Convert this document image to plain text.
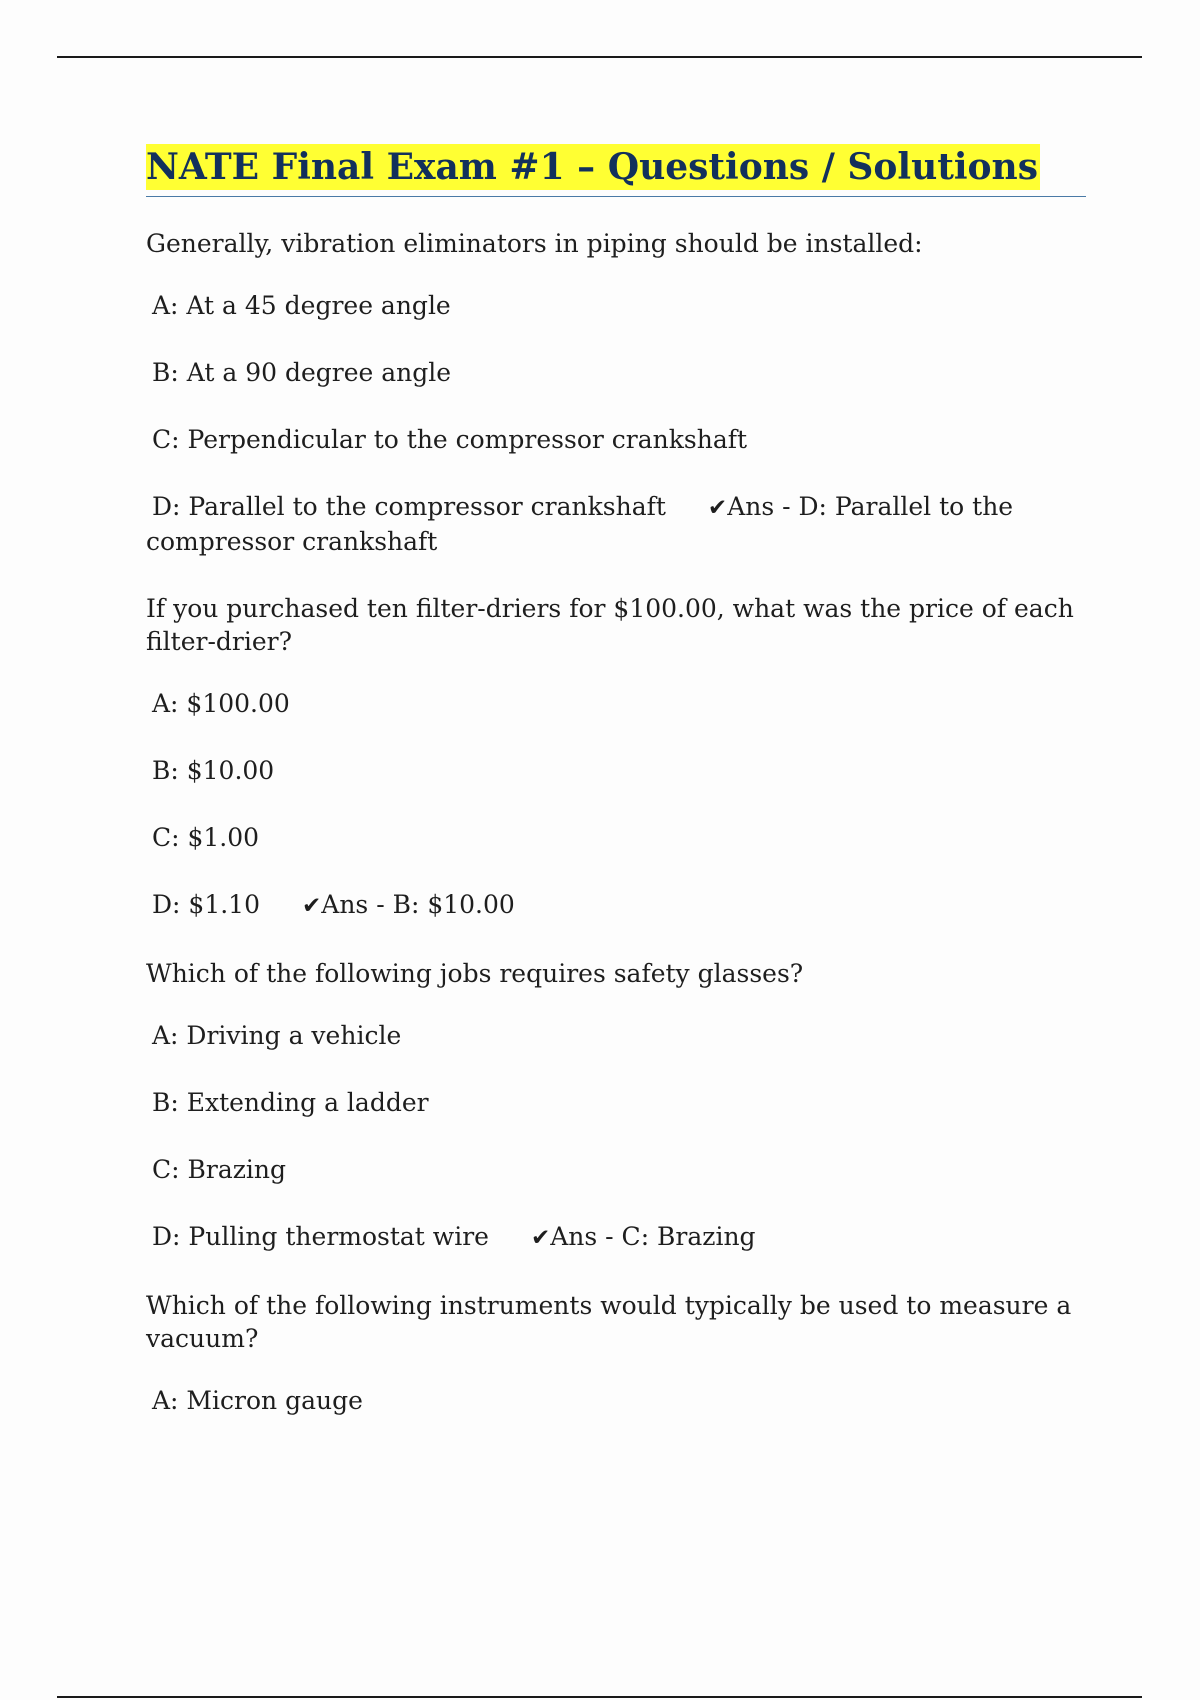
NATE Final Exam #1 – Questions / Solutions
Generally, vibration eliminators in piping should be installed:
A: At a 45 degree angle
B: At a 90 degree angle
C: Perpendicular to the compressor crankshaft
D: Parallel to the compressor crankshaft ✔Ans - D: Parallel to the
compressor crankshaft
If you purchased ten filter-driers for $100.00, what was the price of each filter-drier?
A: $100.00
B: $10.00
C: $1.00
D: $1.10 ✔Ans - B: $10.00
Which of the following jobs requires safety glasses?
A: Driving a vehicle
B: Extending a ladder
C: Brazing
D: Pulling thermostat wire ✔Ans - C: Brazing
Which of the following instruments would typically be used to measure a vacuum?
A: Micron gauge
